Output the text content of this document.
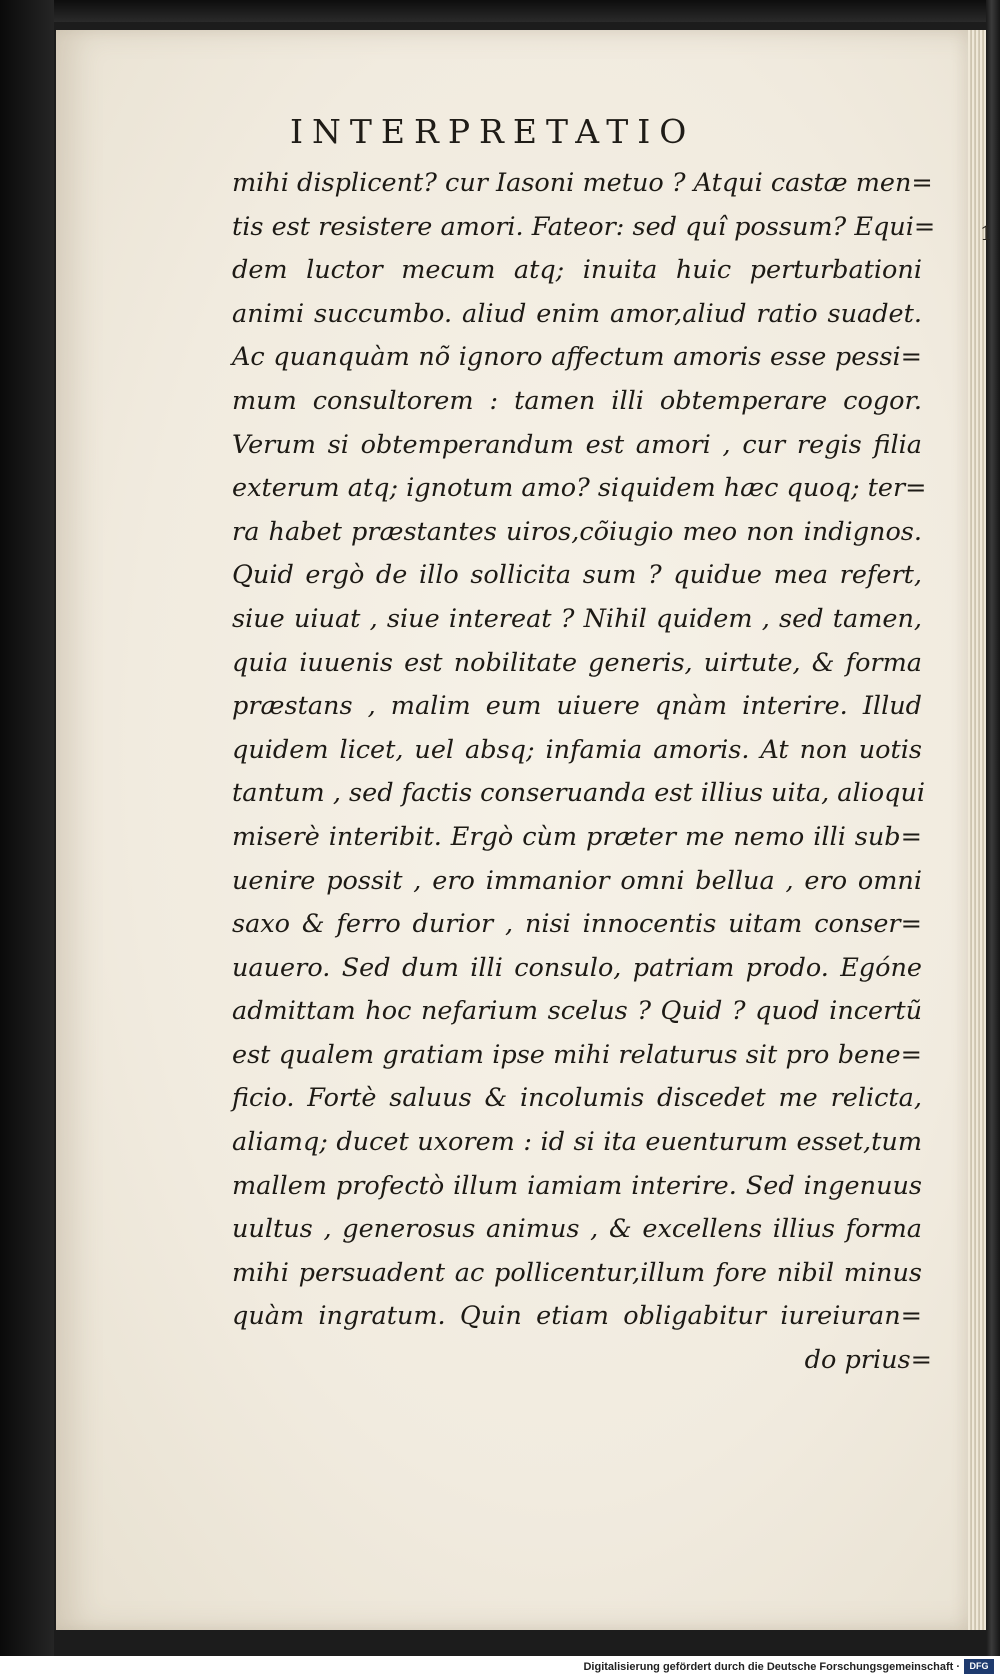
1
INTERPRETATIO
mihi displicent? cur Iasoni metuo ? Atqui castæ men=
tis est resistere amori. Fateor: sed quî possum? Equi=
dem luctor mecum atq; inuita huic perturbationi
animi succumbo. aliud enim amor,aliud ratio suadet.
Ac quanquàm nõ ignoro affectum amoris esse pessi=
mum consultorem : tamen illi obtemperare cogor.
Verum si obtemperandum est amori , cur regis filia
exterum atq; ignotum amo? siquidem hæc quoq; ter=
ra habet præstantes uiros,cõiugio meo non indignos.
Quid ergò de illo sollicita sum ? quidue mea refert,
siue uiuat , siue intereat ? Nihil quidem , sed tamen,
quia iuuenis est nobilitate generis, uirtute, & forma
præstans , malim eum uiuere qnàm interire. Illud
quidem licet, uel absq; infamia amoris. At non uotis
tantum , sed factis conseruanda est illius uita, alioqui
miserè interibit. Ergò cùm præter me nemo illi sub=
uenire possit , ero immanior omni bellua , ero omni
saxo & ferro durior , nisi innocentis uitam conser=
uauero. Sed dum illi consulo, patriam prodo. Egóne
admittam hoc nefarium scelus ? Quid ? quod incertũ
est qualem gratiam ipse mihi relaturus sit pro bene=
ficio. Fortè saluus & incolumis discedet me relicta,
aliamq; ducet uxorem : id si ita euenturum esset,tum
mallem profectò illum iamiam interire. Sed ingenuus
uultus , generosus animus , & excellens illius forma
mihi persuadent ac pollicentur,illum fore nibil minus
quàm ingratum. Quin etiam obligabitur iureiuran=
do prius=
Digitalisierung gefördert durch die Deutsche Forschungsgemeinschaft ·	DFG
